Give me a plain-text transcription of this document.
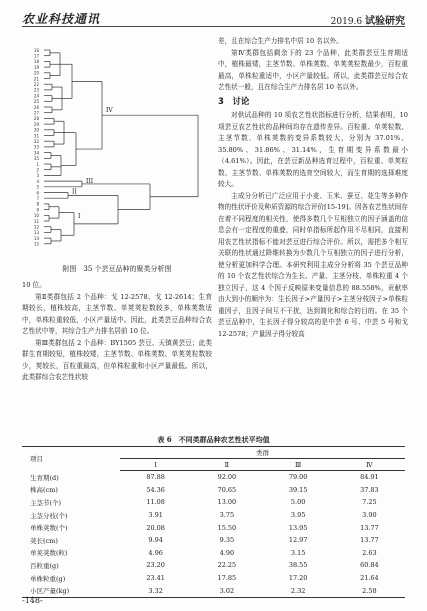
农业科技通讯	2019.6 试验研究
16
17
18
19
20
21
22
23
24
25
26
27
28
29
30
31
32
33
34
35
1
2
3
4
5
6
7
8
9
10
11
12
13
14
15
IV
III
II
I
附图　35 个芸豆品种的聚类分析图

10 位。

第Ⅱ类群包括 2 个品种：戈 12-2578、戈 12-2614；生育期较长，植株较高，主茎节数、单荚荚粒数较多，单株荚数适中，单株粒重较低，小区产量适中。因此，此类芸豆品种综合农艺性状中等，其综合生产力排名居前 10 位。

第Ⅲ类群包括 2 个品种：BY1505 芸豆、天镇黄芸豆；此类群生育期较短，植株较矮，主茎节数、单株荚数、单荚荚粒数较少，荚较长，百粒重最高，但单株粒重和小区产量最低。所以，此类群综合农艺性状较

差，且在综合生产力排名中居 10 名以外。

第Ⅳ类群包括剩余下的 23 个品种，此类群芸豆生育期适中，植株最矮，主茎节数、单株荚数、单荚荚粒数最少，百粒重最高，单株粒重适中，小区产量较低。所以，此类群芸豆综合农艺性状一般，且在综合生产力排名居 10 名以外。

3　讨论

对供试品种的 10 项农艺性状指标进行分析，结果表明，10 项芸豆农艺性状的品种间均存在遗传差异。百粒重、单荚粒数、主茎节数、单株荚数的变异系数较大，分别为 37.01%、35.80%、31.86%、31.14%，生育期变异系数最小（4.61%）。因此，在芸豆新品种选育过程中，百粒重、单荚粒数、主茎节数、单株荚数的选育空间较大，而生育期的选择难度较大。

主成分分析已广泛应用于小麦、玉米、蚕豆、花生等多种作物的性状评价及种质资源的综合评价[15-19]。因各农艺性状间存在着不同程度的相关性，使得多数几个互相独立的因子涵盖的信息会有一定程度的重叠，同时单指标所起作用不尽相同，直接利用农艺性状指标不能对芸豆进行综合评价。所以，需把多个相互关联的性状通过降维转换为少数几个互相独立的因子进行分析，使分析更加科学合理。本研究利用主成分分析将 35 个芸豆品种的 10 个农艺性状综合为生长、产量、主茎分枝、单株粒重 4 个独立因子，这 4 个因子反映原来变量信息的 88.558%，贡献率由大到小的顺序为：生长因子>产量因子>主茎分枝因子>单株粒重因子，且因子间互不干扰，达到简化和综合的目的。在 35 个芸豆品种中，生长因子得分较高的是中芸 6 号、中芸 5 号和戈 12-2578；产量因子得分较高

表 6　不同类群品种农艺性状平均值
项目	类群			
	Ⅰ	Ⅱ	Ⅲ	Ⅳ
生育期(d)	87.88	92.00	79.00	84.91
株高(cm)	54.36	70.65	39.15	37.83
主茎节(个)	11.08	13.00	5.00	7.25
主茎分枝(个)	3.91	3.75	3.95	3.90
单株荚数(个)	20.08	15.50	13.95	13.77
荚长(cm)	9.94	9.35	12.97	13.77
单荚荚数(粒)	4.96	4.90	3.15	2.63
百粒重(g)	23.20	22.25	38.55	60.84
单株粒重(g)	23.41	17.85	17.20	21.64
小区产量(kg)	3.32	3.02	2.32	2.58
-148-
